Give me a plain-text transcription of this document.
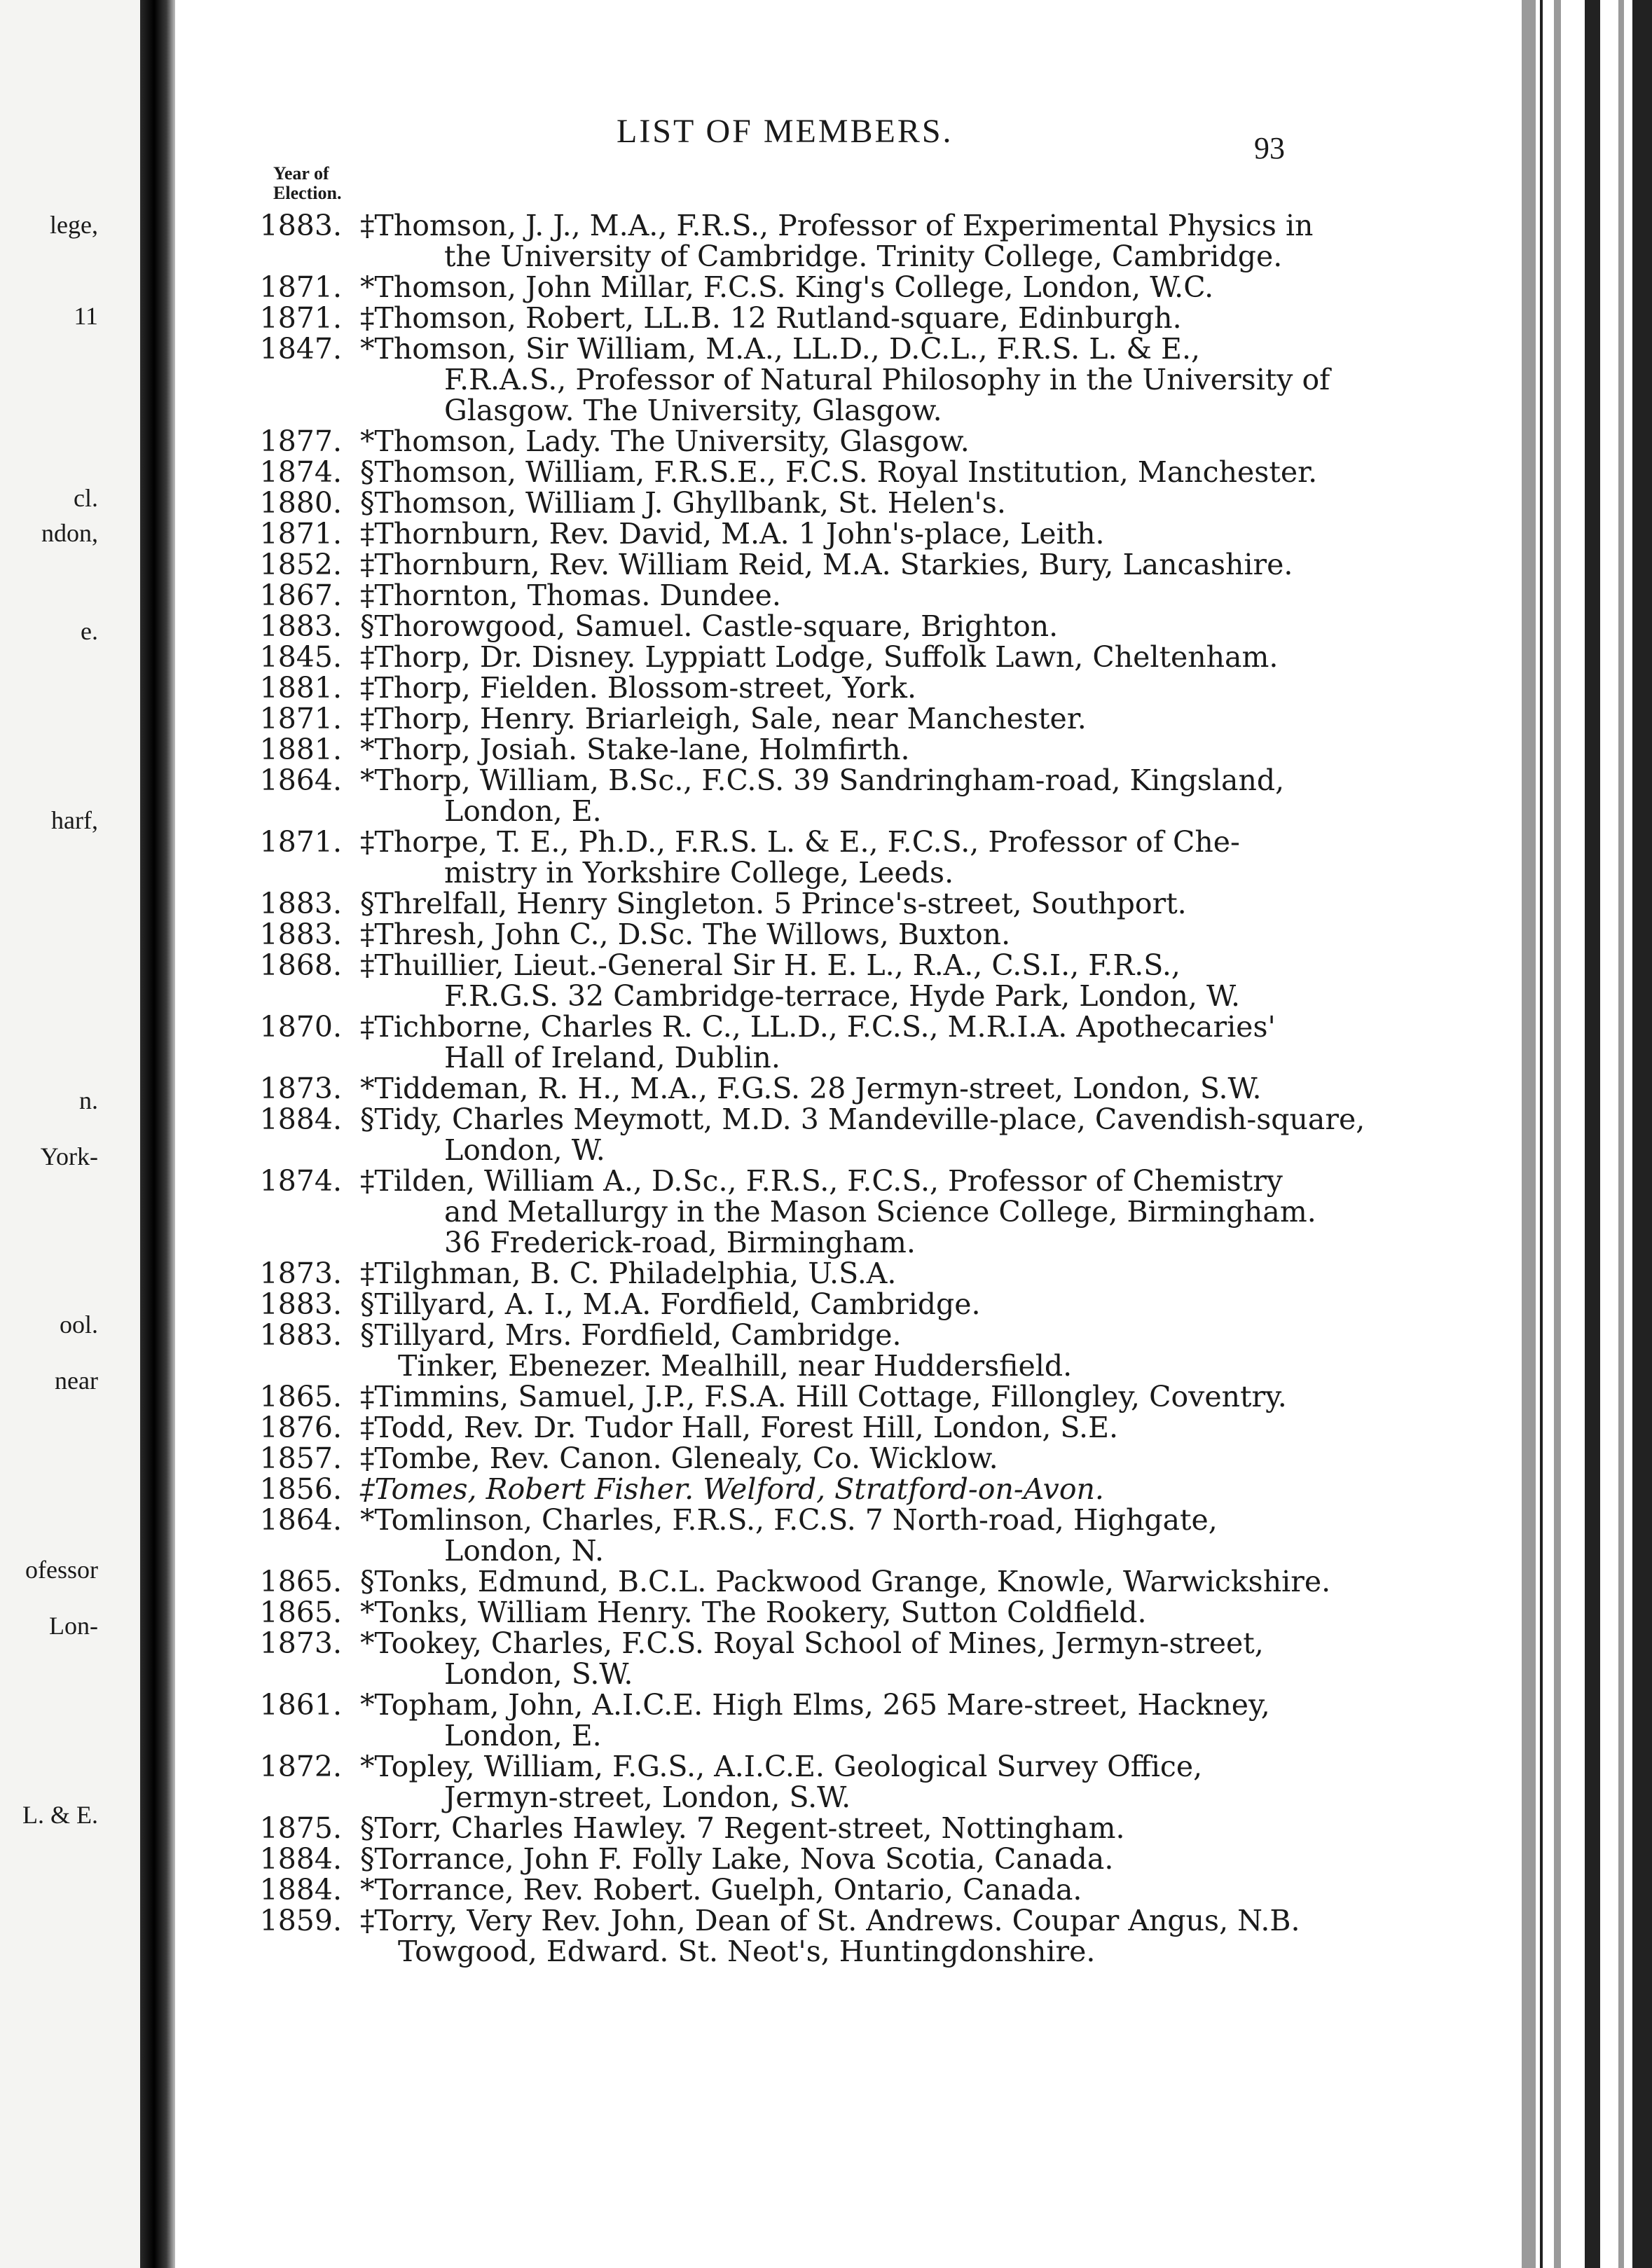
lege,
11
cl.
ndon,
e.
harf,
n.
York-
ool.
near
ofessor
Lon-
L. & E.
LIST OF MEMBERS.	93
Year of
Election.
1883. ‡Thomson, J. J., M.A., F.R.S., Professor of Experimental Physics in
the University of Cambridge. Trinity College, Cambridge.
1871. *Thomson, John Millar, F.C.S. King's College, London, W.C.
1871. ‡Thomson, Robert, LL.B. 12 Rutland-square, Edinburgh.
1847. *Thomson, Sir William, M.A., LL.D., D.C.L., F.R.S. L. & E.,
F.R.A.S., Professor of Natural Philosophy in the University of
Glasgow. The University, Glasgow.
1877. *Thomson, Lady. The University, Glasgow.
1874. §Thomson, William, F.R.S.E., F.C.S. Royal Institution, Manchester.
1880. §Thomson, William J. Ghyllbank, St. Helen's.
1871. ‡Thornburn, Rev. David, M.A. 1 John's-place, Leith.
1852. ‡Thornburn, Rev. William Reid, M.A. Starkies, Bury, Lancashire.
1867. ‡Thornton, Thomas. Dundee.
1883. §Thorowgood, Samuel. Castle-square, Brighton.
1845. ‡Thorp, Dr. Disney. Lyppiatt Lodge, Suffolk Lawn, Cheltenham.
1881. ‡Thorp, Fielden. Blossom-street, York.
1871. ‡Thorp, Henry. Briarleigh, Sale, near Manchester.
1881. *Thorp, Josiah. Stake-lane, Holmfirth.
1864. *Thorp, William, B.Sc., F.C.S. 39 Sandringham-road, Kingsland,
London, E.
1871. ‡Thorpe, T. E., Ph.D., F.R.S. L. & E., F.C.S., Professor of Che-
mistry in Yorkshire College, Leeds.
1883. §Threlfall, Henry Singleton. 5 Prince's-street, Southport.
1883. ‡Thresh, John C., D.Sc. The Willows, Buxton.
1868. ‡Thuillier, Lieut.-General Sir H. E. L., R.A., C.S.I., F.R.S.,
F.R.G.S. 32 Cambridge-terrace, Hyde Park, London, W.
1870. ‡Tichborne, Charles R. C., LL.D., F.C.S., M.R.I.A. Apothecaries'
Hall of Ireland, Dublin.
1873. *Tiddeman, R. H., M.A., F.G.S. 28 Jermyn-street, London, S.W.
1884. §Tidy, Charles Meymott, M.D. 3 Mandeville-place, Cavendish-square,
London, W.
1874. ‡Tilden, William A., D.Sc., F.R.S., F.C.S., Professor of Chemistry
and Metallurgy in the Mason Science College, Birmingham.
36 Frederick-road, Birmingham.
1873. ‡Tilghman, B. C. Philadelphia, U.S.A.
1883. §Tillyard, A. I., M.A. Fordfield, Cambridge.
1883. §Tillyard, Mrs. Fordfield, Cambridge.
Tinker, Ebenezer. Mealhill, near Huddersfield.
1865. ‡Timmins, Samuel, J.P., F.S.A. Hill Cottage, Fillongley, Coventry.
1876. ‡Todd, Rev. Dr. Tudor Hall, Forest Hill, London, S.E.
1857. ‡Tombe, Rev. Canon. Glenealy, Co. Wicklow.
1856. ‡Tomes, Robert Fisher. Welford, Stratford-on-Avon.
1864. *Tomlinson, Charles, F.R.S., F.C.S. 7 North-road, Highgate,
London, N.
1865. §Tonks, Edmund, B.C.L. Packwood Grange, Knowle, Warwickshire.
1865. *Tonks, William Henry. The Rookery, Sutton Coldfield.
1873. *Tookey, Charles, F.C.S. Royal School of Mines, Jermyn-street,
London, S.W.
1861. *Topham, John, A.I.C.E. High Elms, 265 Mare-street, Hackney,
London, E.
1872. *Topley, William, F.G.S., A.I.C.E. Geological Survey Office,
Jermyn-street, London, S.W.
1875. §Torr, Charles Hawley. 7 Regent-street, Nottingham.
1884. §Torrance, John F. Folly Lake, Nova Scotia, Canada.
1884. *Torrance, Rev. Robert. Guelph, Ontario, Canada.
1859. ‡Torry, Very Rev. John, Dean of St. Andrews. Coupar Angus, N.B.
Towgood, Edward. St. Neot's, Huntingdonshire.
